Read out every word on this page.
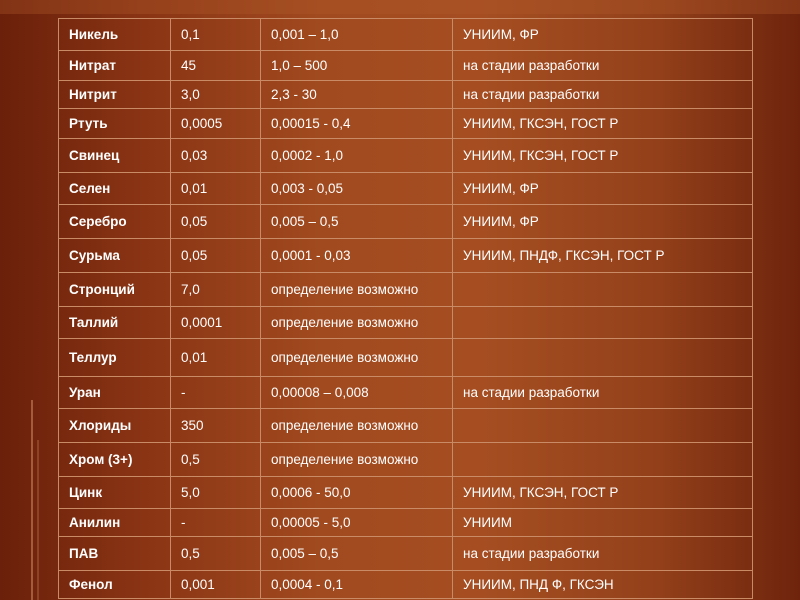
Никель	0,1	0,001 – 1,0	УНИИМ, ФР
Нитрат	45	1,0 – 500	на стадии разработки
Нитрит	3,0	2,3 - 30	на стадии разработки
Ртуть	0,0005	0,00015 - 0,4	УНИИМ, ГКСЭН, ГОСТ Р
Свинец	0,03	0,0002 - 1,0	УНИИМ, ГКСЭН, ГОСТ Р
Селен	0,01	0,003 - 0,05	УНИИМ, ФР
Серебро	0,05	0,005 – 0,5	УНИИМ, ФР
Сурьма	0,05	0,0001 - 0,03	УНИИМ, ПНДФ, ГКСЭН, ГОСТ Р
Стронций	7,0	определение возможно	
Таллий	0,0001	определение возможно	
Теллур	0,01	определение возможно	
Уран	-	0,00008 – 0,008	на стадии разработки
Хлориды	350	определение возможно	
Хром (3+)	0,5	определение возможно	
Цинк	5,0	0,0006 - 50,0	УНИИМ, ГКСЭН, ГОСТ Р
Анилин	-	0,00005 - 5,0	УНИИМ
ПАВ	0,5	0,005 – 0,5	на стадии разработки
Фенол	0,001	0,0004 - 0,1	УНИИМ, ПНД Ф, ГКСЭН
